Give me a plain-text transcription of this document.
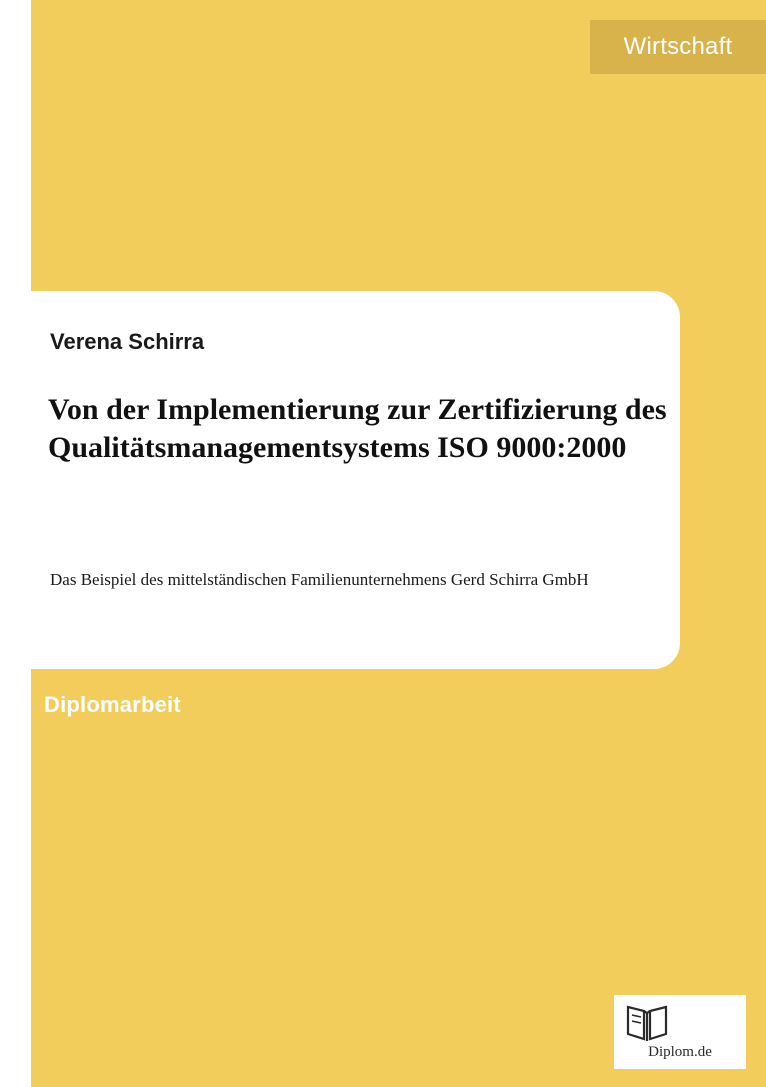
Wirtschaft
Verena Schirra
Von der Implementierung zur Zertifizierung des Qualitätsmanagementsystems ISO 9000:2000
Das Beispiel des mittelständischen Familienunternehmens Gerd Schirra GmbH
Diplomarbeit
Diplom.de
